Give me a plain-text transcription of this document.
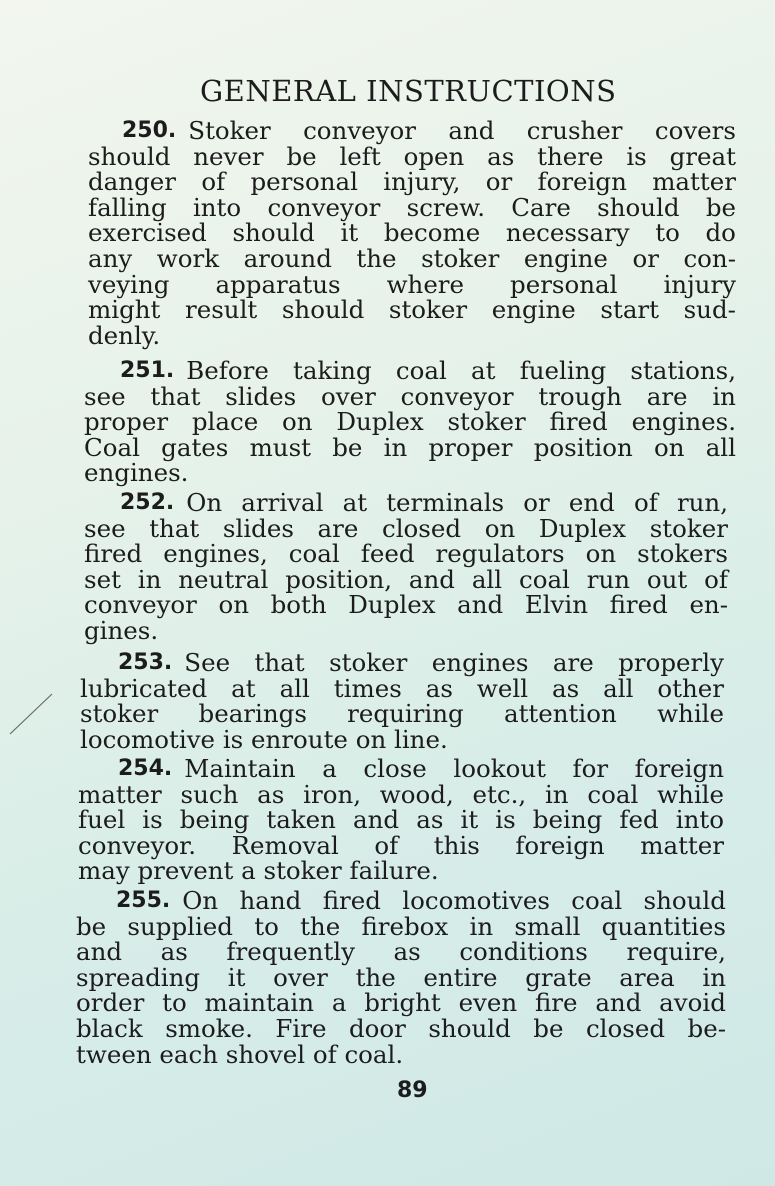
GENERAL INSTRUCTIONS
250. Stoker conveyor and crusher covers
should never be left open as there is great
danger of personal injury, or foreign matter
falling into conveyor screw. Care should be
exercised should it become necessary to do
any work around the stoker engine or con-
veying apparatus where personal injury
might result should stoker engine start sud-
denly.
251. Before taking coal at fueling stations,
see that slides over conveyor trough are in
proper place on Duplex stoker fired engines.
Coal gates must be in proper position on all
engines.
252. On arrival at terminals or end of run,
see that slides are closed on Duplex stoker
fired engines, coal feed regulators on stokers
set in neutral position, and all coal run out of
conveyor on both Duplex and Elvin fired en-
gines.
253. See that stoker engines are properly
lubricated at all times as well as all other
stoker bearings requiring attention while
locomotive is enroute on line.
254. Maintain a close lookout for foreign
matter such as iron, wood, etc., in coal while
fuel is being taken and as it is being fed into
conveyor. Removal of this foreign matter
may prevent a stoker failure.
255. On hand fired locomotives coal should
be supplied to the firebox in small quantities
and as frequently as conditions require,
spreading it over the entire grate area in
order to maintain a bright even fire and avoid
black smoke. Fire door should be closed be-
tween each shovel of coal.
89
